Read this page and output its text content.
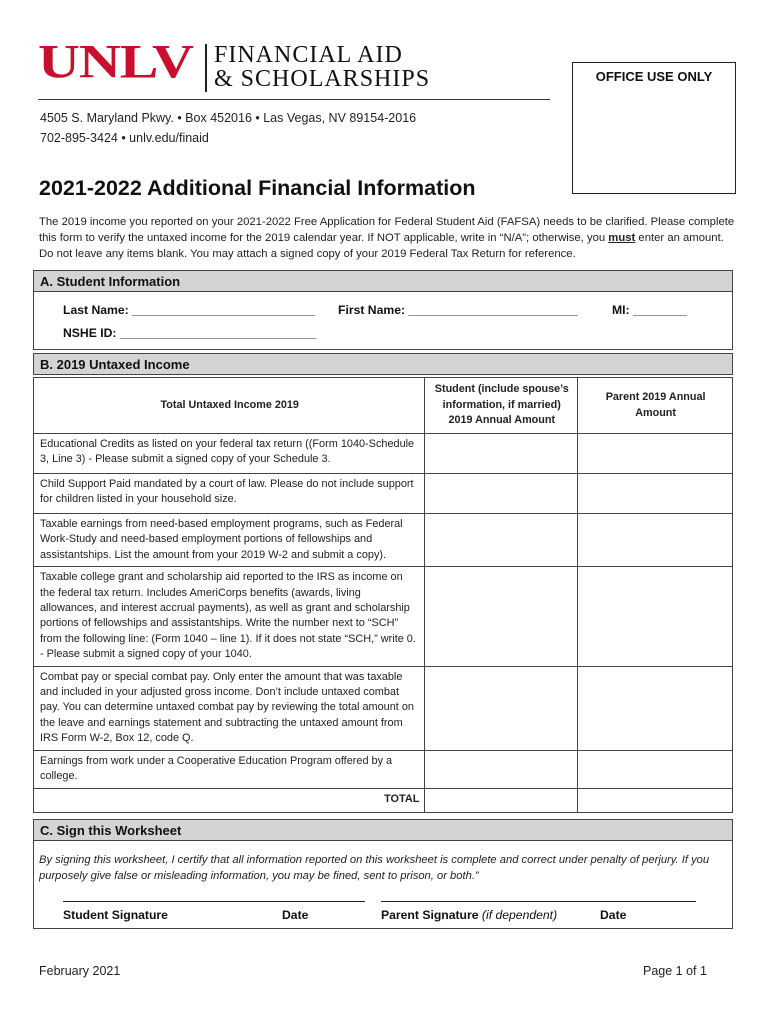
UNLV FINANCIAL AID
& SCHOLARSHIPS	OFFICE USE ONLY
4505 S. Maryland Pkwy. • Box 452016 • Las Vegas, NV 89154-2016
702-895-3424 • unlv.edu/finaid
2021-2022 Additional Financial Information
The 2019 income you reported on your 2021-2022 Free Application for Federal Student Aid (FAFSA) needs to be clarified. Please complete this form to verify the untaxed income for the 2019 calendar year. If NOT applicable, write in “N/A”; otherwise, you must enter an amount. Do not leave any items blank. You may attach a signed copy of your 2019 Federal Tax Return for reference.
A. Student Information
Last Name: ___________________________ First Name: _________________________	MI: ________
NSHE ID: _____________________________
B. 2019 Untaxed Income
Total Untaxed Income 2019	Student (include spouse’s information, if married) 2019 Annual Amount	Parent 2019 Annual Amount
Educational Credits as listed on your federal tax return ((Form 1040-Schedule 3, Line 3) - Please submit a signed copy of your Schedule 3.		
Child Support Paid mandated by a court of law. Please do not include support for children listed in your household size.		
Taxable earnings from need-based employment programs, such as Federal Work-Study and need-based employment portions of fellowships and assistantships. List the amount from your 2019 W-2 and submit a copy).		
Taxable college grant and scholarship aid reported to the IRS as income on the federal tax return. Includes AmeriCorps benefits (awards, living allowances, and interest accrual payments), as well as grant and scholarship portions of fellowships and assistantships. Write the number next to “SCH” from the following line: (Form 1040 – line 1). If it does not state “SCH,” write 0. - Please submit a signed copy of your 1040.		
Combat pay or special combat pay. Only enter the amount that was taxable and included in your adjusted gross income. Don’t include untaxed combat pay. You can determine untaxed combat pay by reviewing the total amount on the leave and earnings statement and subtracting the untaxed amount from IRS Form W-2, Box 12, code Q.		
Earnings from work under a Cooperative Education Program offered by a college.		
TOTAL		
C. Sign this Worksheet
By signing this worksheet, I certify that all information reported on this worksheet is complete and correct under penalty of perjury. If you purposely give false or misleading information, you may be fined, sent to prison, or both.”
Student Signature	Date	Parent Signature (if dependent)	Date
February 2021	Page 1 of 1
